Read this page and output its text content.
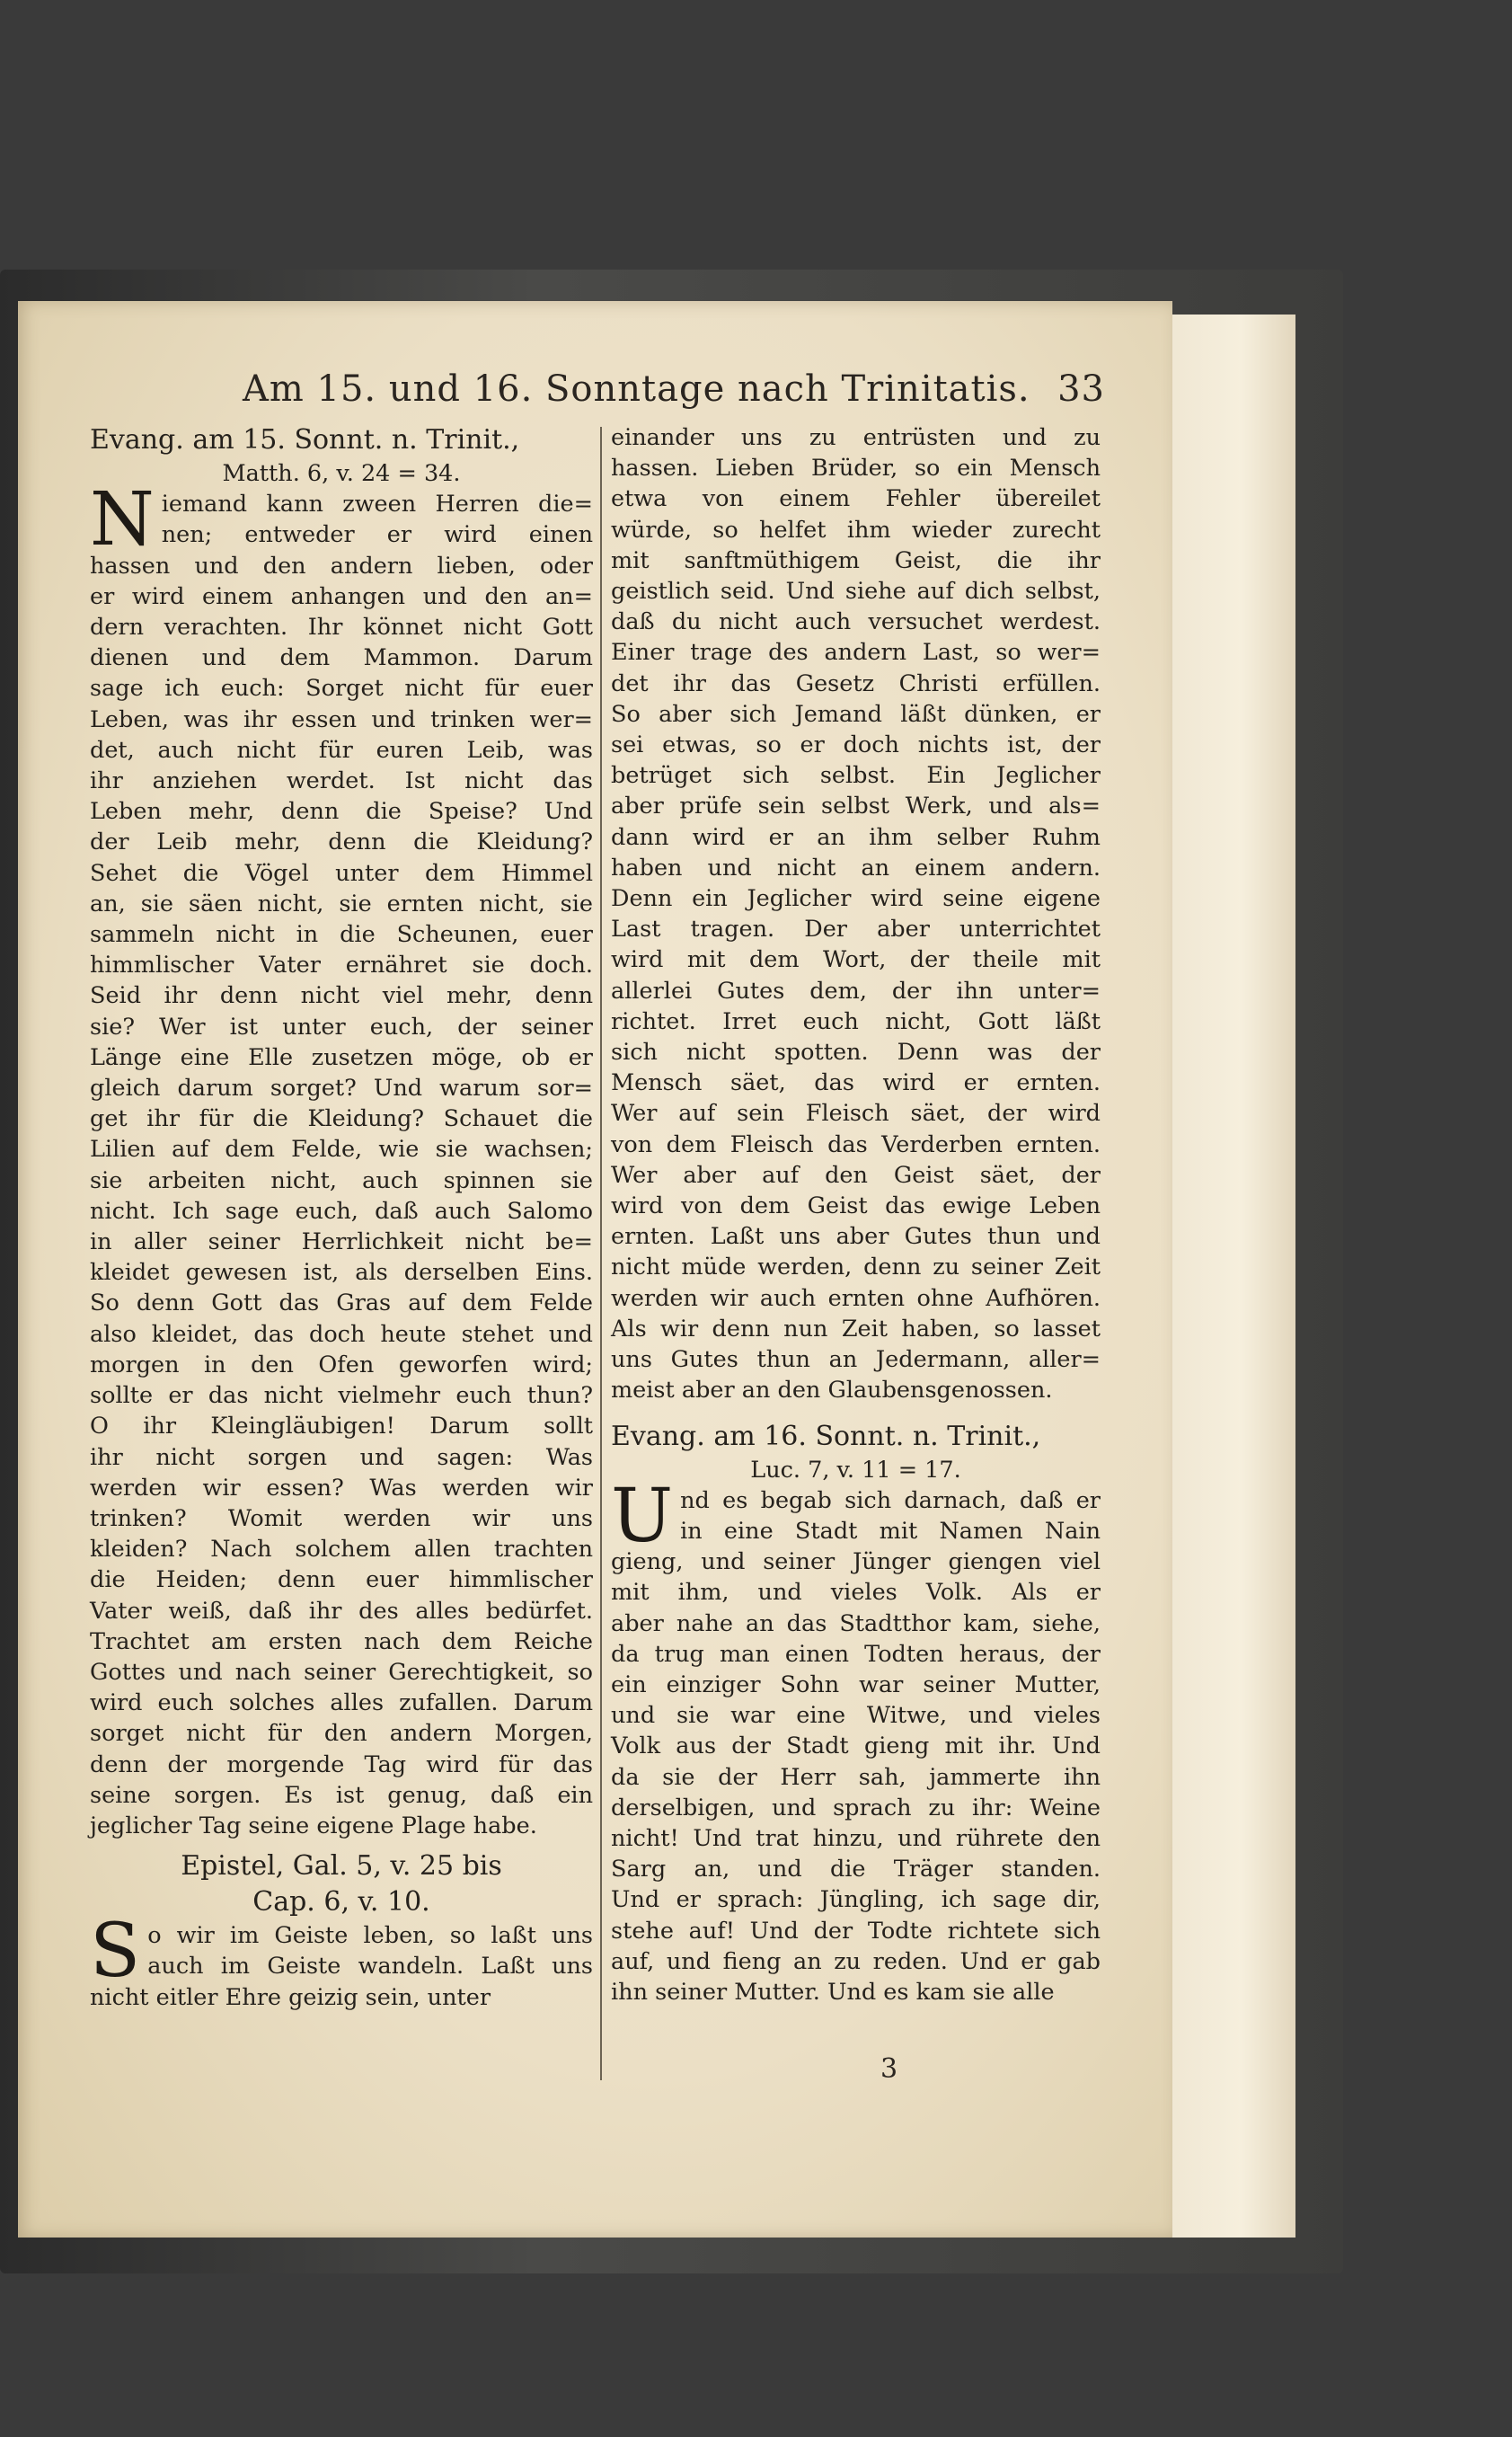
Am 15. und 16. Sonntage nach Trinitatis. 33
Evang. am 15. Sonnt. n. Trinit.,
Matth. 6, v. 24 = 34.
N iemand kann zween Herren die=
nen; entweder er wird einen
hassen und den andern lieben, oder
er wird einem anhangen und den an=
dern verachten. Ihr könnet nicht Gott
dienen und dem Mammon. Darum
sage ich euch: Sorget nicht für euer
Leben, was ihr essen und trinken wer=
det, auch nicht für euren Leib, was
ihr anziehen werdet. Ist nicht das
Leben mehr, denn die Speise? Und
der Leib mehr, denn die Kleidung?
Sehet die Vögel unter dem Himmel
an, sie säen nicht, sie ernten nicht, sie
sammeln nicht in die Scheunen, euer
himmlischer Vater ernähret sie doch.
Seid ihr denn nicht viel mehr, denn
sie? Wer ist unter euch, der seiner
Länge eine Elle zusetzen möge, ob er
gleich darum sorget? Und warum sor=
get ihr für die Kleidung? Schauet die
Lilien auf dem Felde, wie sie wachsen;
sie arbeiten nicht, auch spinnen sie
nicht. Ich sage euch, daß auch Salomo
in aller seiner Herrlichkeit nicht be=
kleidet gewesen ist, als derselben Eins.
So denn Gott das Gras auf dem Felde
also kleidet, das doch heute stehet und
morgen in den Ofen geworfen wird;
sollte er das nicht vielmehr euch thun?
O ihr Kleingläubigen! Darum sollt
ihr nicht sorgen und sagen: Was
werden wir essen? Was werden wir
trinken? Womit werden wir uns
kleiden? Nach solchem allen trachten
die Heiden; denn euer himmlischer
Vater weiß, daß ihr des alles bedürfet.
Trachtet am ersten nach dem Reiche
Gottes und nach seiner Gerechtigkeit, so
wird euch solches alles zufallen. Darum
sorget nicht für den andern Morgen,
denn der morgende Tag wird für das
seine sorgen. Es ist genug, daß ein
jeglicher Tag seine eigene Plage habe.
Epistel, Gal. 5, v. 25 bis
Cap. 6, v. 10.
S o wir im Geiste leben, so laßt uns
auch im Geiste wandeln. Laßt uns
nicht eitler Ehre geizig sein, unter
einander uns zu entrüsten und zu
hassen. Lieben Brüder, so ein Mensch
etwa von einem Fehler übereilet
würde, so helfet ihm wieder zurecht
mit sanftmüthigem Geist, die ihr
geistlich seid. Und siehe auf dich selbst,
daß du nicht auch versuchet werdest.
Einer trage des andern Last, so wer=
det ihr das Gesetz Christi erfüllen.
So aber sich Jemand läßt dünken, er
sei etwas, so er doch nichts ist, der
betrüget sich selbst. Ein Jeglicher
aber prüfe sein selbst Werk, und als=
dann wird er an ihm selber Ruhm
haben und nicht an einem andern.
Denn ein Jeglicher wird seine eigene
Last tragen. Der aber unterrichtet
wird mit dem Wort, der theile mit
allerlei Gutes dem, der ihn unter=
richtet. Irret euch nicht, Gott läßt
sich nicht spotten. Denn was der
Mensch säet, das wird er ernten.
Wer auf sein Fleisch säet, der wird
von dem Fleisch das Verderben ernten.
Wer aber auf den Geist säet, der
wird von dem Geist das ewige Leben
ernten. Laßt uns aber Gutes thun und
nicht müde werden, denn zu seiner Zeit
werden wir auch ernten ohne Aufhören.
Als wir denn nun Zeit haben, so lasset
uns Gutes thun an Jedermann, aller=
meist aber an den Glaubensgenossen.
Evang. am 16. Sonnt. n. Trinit.,
Luc. 7, v. 11 = 17.
U nd es begab sich darnach, daß er
in eine Stadt mit Namen Nain
gieng, und seiner Jünger giengen viel
mit ihm, und vieles Volk. Als er
aber nahe an das Stadtthor kam, siehe,
da trug man einen Todten heraus, der
ein einziger Sohn war seiner Mutter,
und sie war eine Witwe, und vieles
Volk aus der Stadt gieng mit ihr. Und
da sie der Herr sah, jammerte ihn
derselbigen, und sprach zu ihr: Weine
nicht! Und trat hinzu, und rührete den
Sarg an, und die Träger standen.
Und er sprach: Jüngling, ich sage dir,
stehe auf! Und der Todte richtete sich
auf, und fieng an zu reden. Und er gab
ihn seiner Mutter. Und es kam sie alle
3
